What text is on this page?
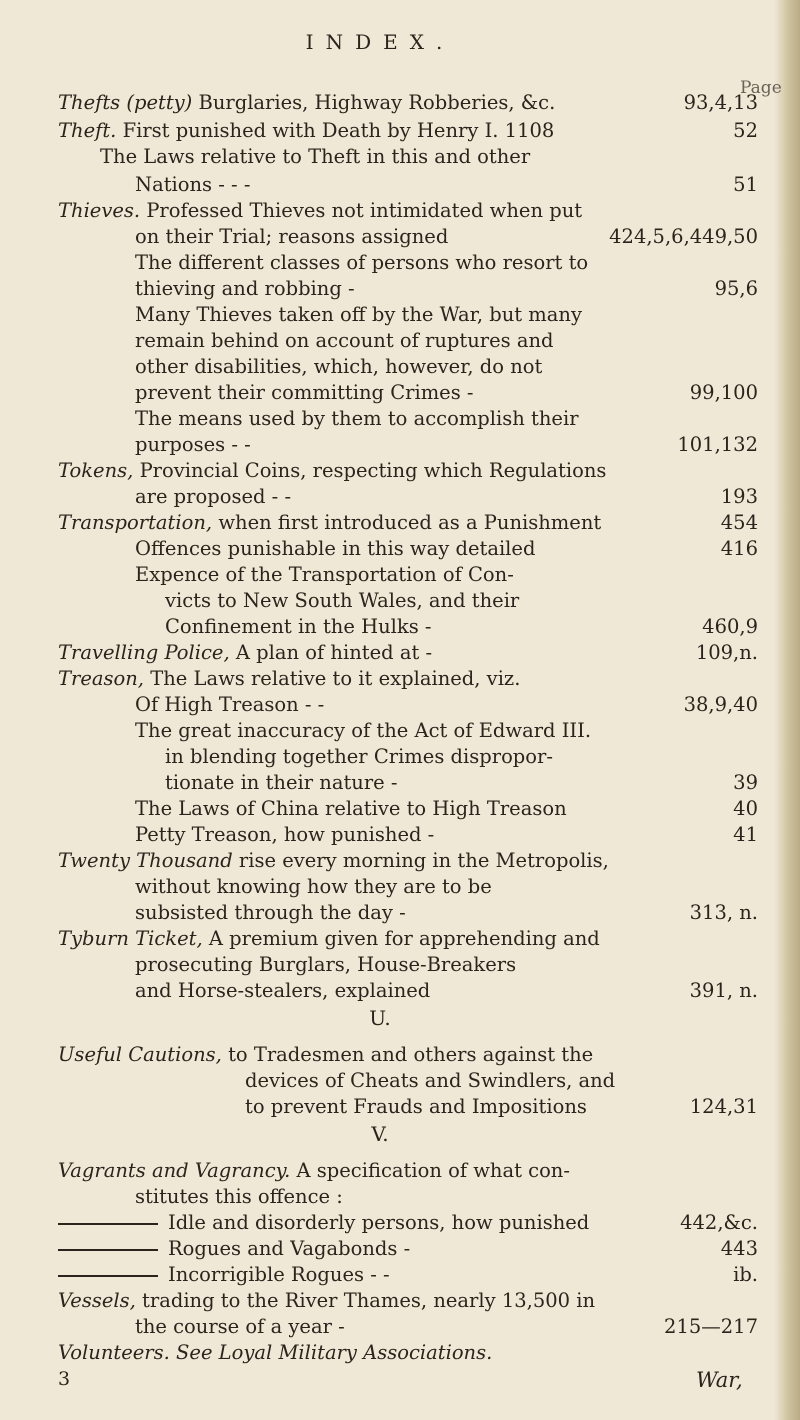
INDEX.
Page
Thefts (petty) Burglaries, Highway Robberies, &c.	93,4,13
Theft. First punished with Death by Henry I. 1108	52
The Laws relative to Theft in this and other
Nations - - -	51
Thieves. Professed Thieves not intimidated when put
on their Trial; reasons assigned	424,5,6,449,50
The different classes of persons who resort to
thieving and robbing -	95,6
Many Thieves taken off by the War, but many
remain behind on account of ruptures and
other disabilities, which, however, do not
prevent their committing Crimes -	99,100
The means used by them to accomplish their
purposes - -	101,132
Tokens, Provincial Coins, respecting which Regulations
are proposed - -	193
Transportation, when first introduced as a Punishment	454
Offences punishable in this way detailed	416
Expence of the Transportation of Con-
victs to New South Wales, and their
Confinement in the Hulks -	460,9
Travelling Police, A plan of hinted at -	109,n.
Treason, The Laws relative to it explained, viz.
Of High Treason - -	38,9,40
The great inaccuracy of the Act of Edward III.
in blending together Crimes dispropor-
tionate in their nature -	39
The Laws of China relative to High Treason	40
Petty Treason, how punished -	41
Twenty Thousand rise every morning in the Metropolis,
without knowing how they are to be
subsisted through the day -	313, n.
Tyburn Ticket, A premium given for apprehending and
prosecuting Burglars, House-Breakers
and Horse-stealers, explained	391, n.
U.
Useful Cautions, to Tradesmen and others against the
devices of Cheats and Swindlers, and
to prevent Frauds and Impositions	124,31
V.
Vagrants and Vagrancy. A specification of what con-
stitutes this offence :
Idle and disorderly persons, how punished	442,&c.
Rogues and Vagabonds -	443
Incorrigible Rogues - -	ib.
Vessels, trading to the River Thames, nearly 13,500 in
the course of a year -	215—217
Volunteers. See Loyal Military Associations.
3	War,
